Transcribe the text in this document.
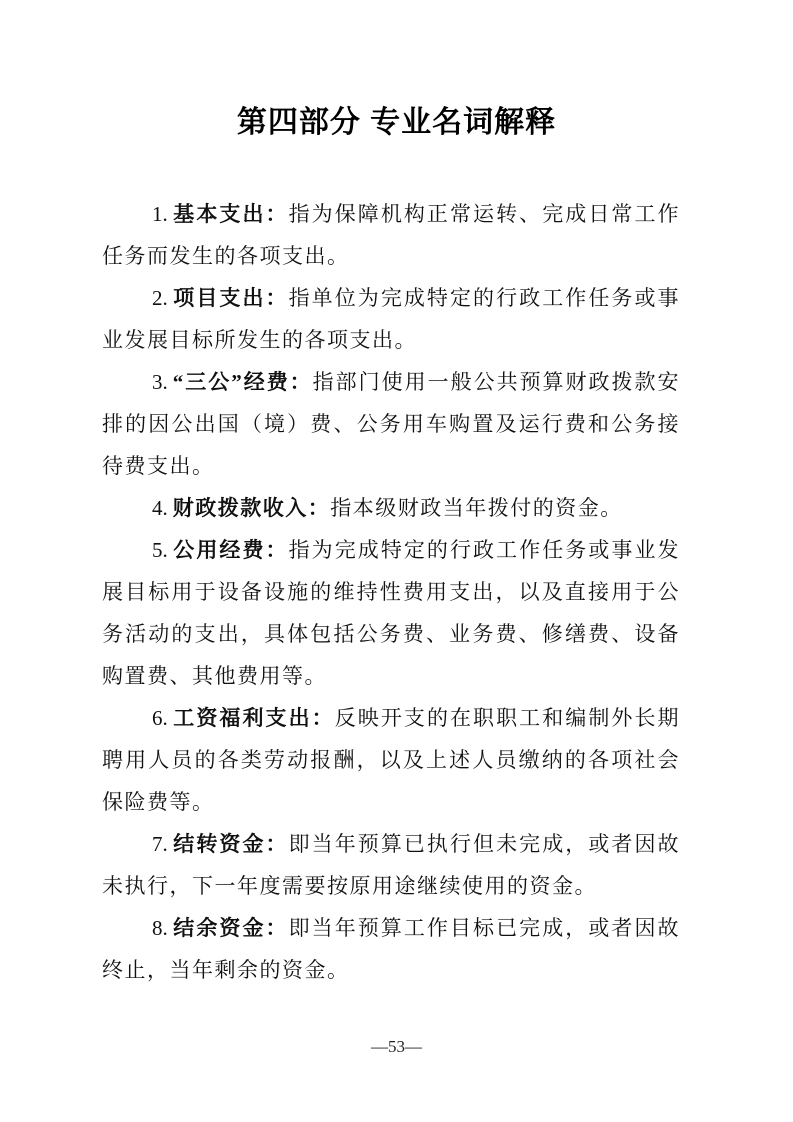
第四部分 专业名词解释

1. 基本支出：指为保障机构正常运转、完成日常工作任务而发生的各项支出。

2. 项目支出：指单位为完成特定的行政工作任务或事业发展目标所发生的各项支出。

3. “三公”经费：指部门使用一般公共预算财政拨款安排的因公出国（境）费、公务用车购置及运行费和公务接待费支出。

4. 财政拨款收入：指本级财政当年拨付的资金。

5. 公用经费：指为完成特定的行政工作任务或事业发展目标用于设备设施的维持性费用支出，以及直接用于公务活动的支出，具体包括公务费、业务费、修缮费、设备购置费、其他费用等。

6. 工资福利支出：反映开支的在职职工和编制外长期聘用人员的各类劳动报酬，以及上述人员缴纳的各项社会保险费等。

7. 结转资金：即当年预算已执行但未完成，或者因故未执行，下一年度需要按原用途继续使用的资金。

8. 结余资金：即当年预算工作目标已完成，或者因故终止，当年剩余的资金。

—53—
